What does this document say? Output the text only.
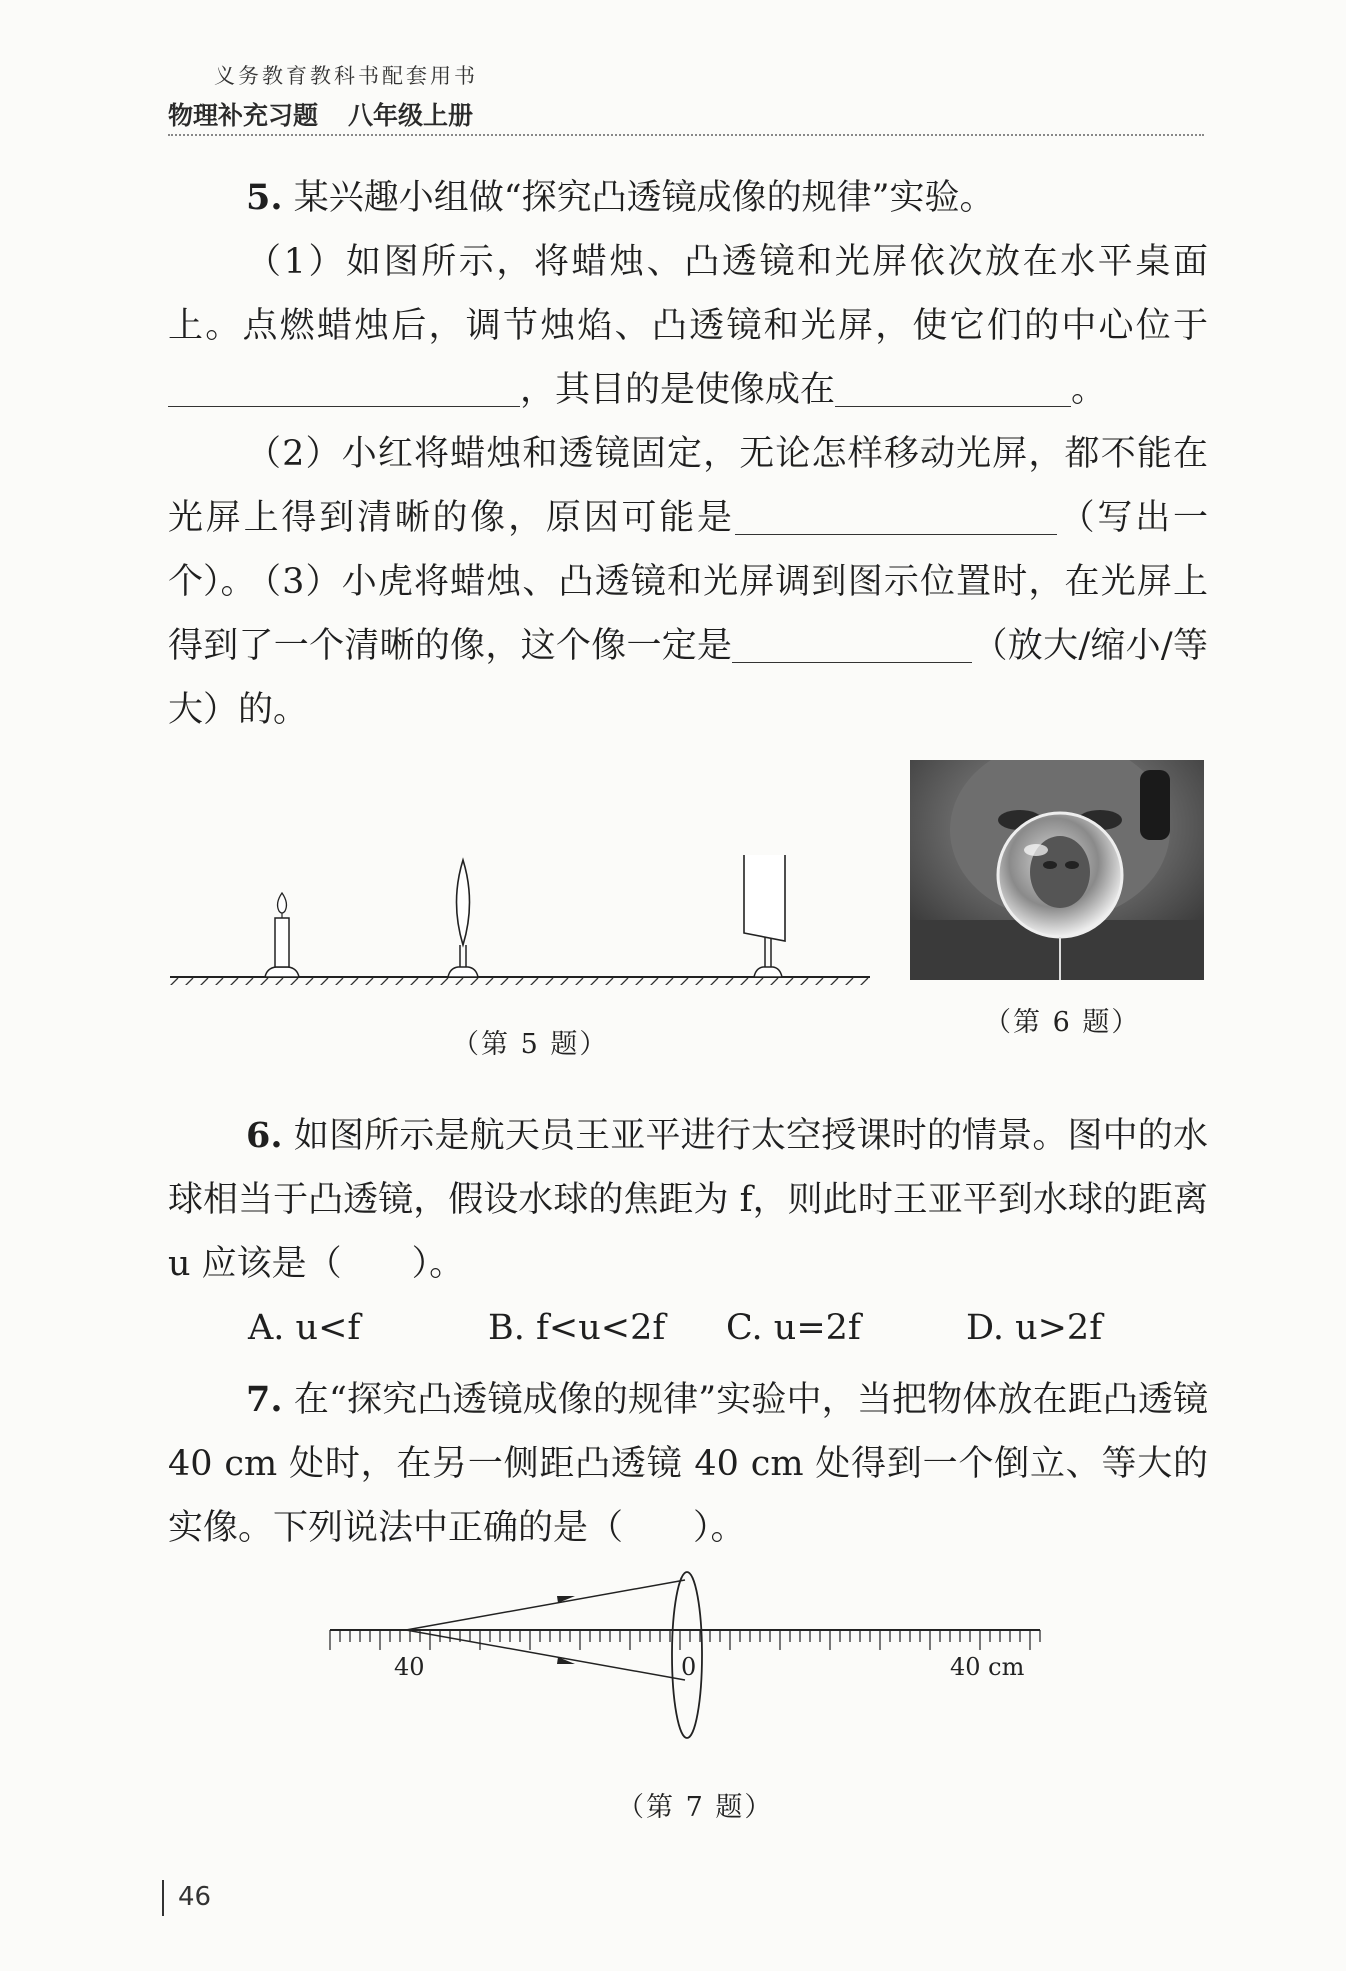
义务教育教科书配套用书
物理补充习题 八年级上册
5. 某兴趣小组做“探究凸透镜成像的规律”实验。
（1）如图所示，将蜡烛、凸透镜和光屏依次放在水平桌面上。点燃蜡烛后，调节烛焰、凸透镜和光屏，使它们的中心位于，其目的是使像成在	。
（2）小红将蜡烛和透镜固定，无论怎样移动光屏，都不能在光屏上得到清晰的像，原因可能是	（写出一个）。
（3）小虎将蜡烛、凸透镜和光屏调到图示位置时，在光屏上得到了一个清晰的像，这个像一定是	（放大/缩小/等大）的。
（第 5 题）
（第 6 题）
6. 如图所示是航天员王亚平进行太空授课时的情景。图中的水球相当于凸透镜，假设水球的焦距为 f，则此时王亚平到水球的距离 u 应该是（ ）。
A. u<f	B. f<u<2f C. u=2f	D. u>2f
7. 在“探究凸透镜成像的规律”实验中，当把物体放在距凸透镜 40 cm 处时，在另一侧距凸透镜 40 cm 处得到一个倒立、等大的实像。下列说法中正确的是（ ）。
40	0	40 cm
（第 7 题）
46
